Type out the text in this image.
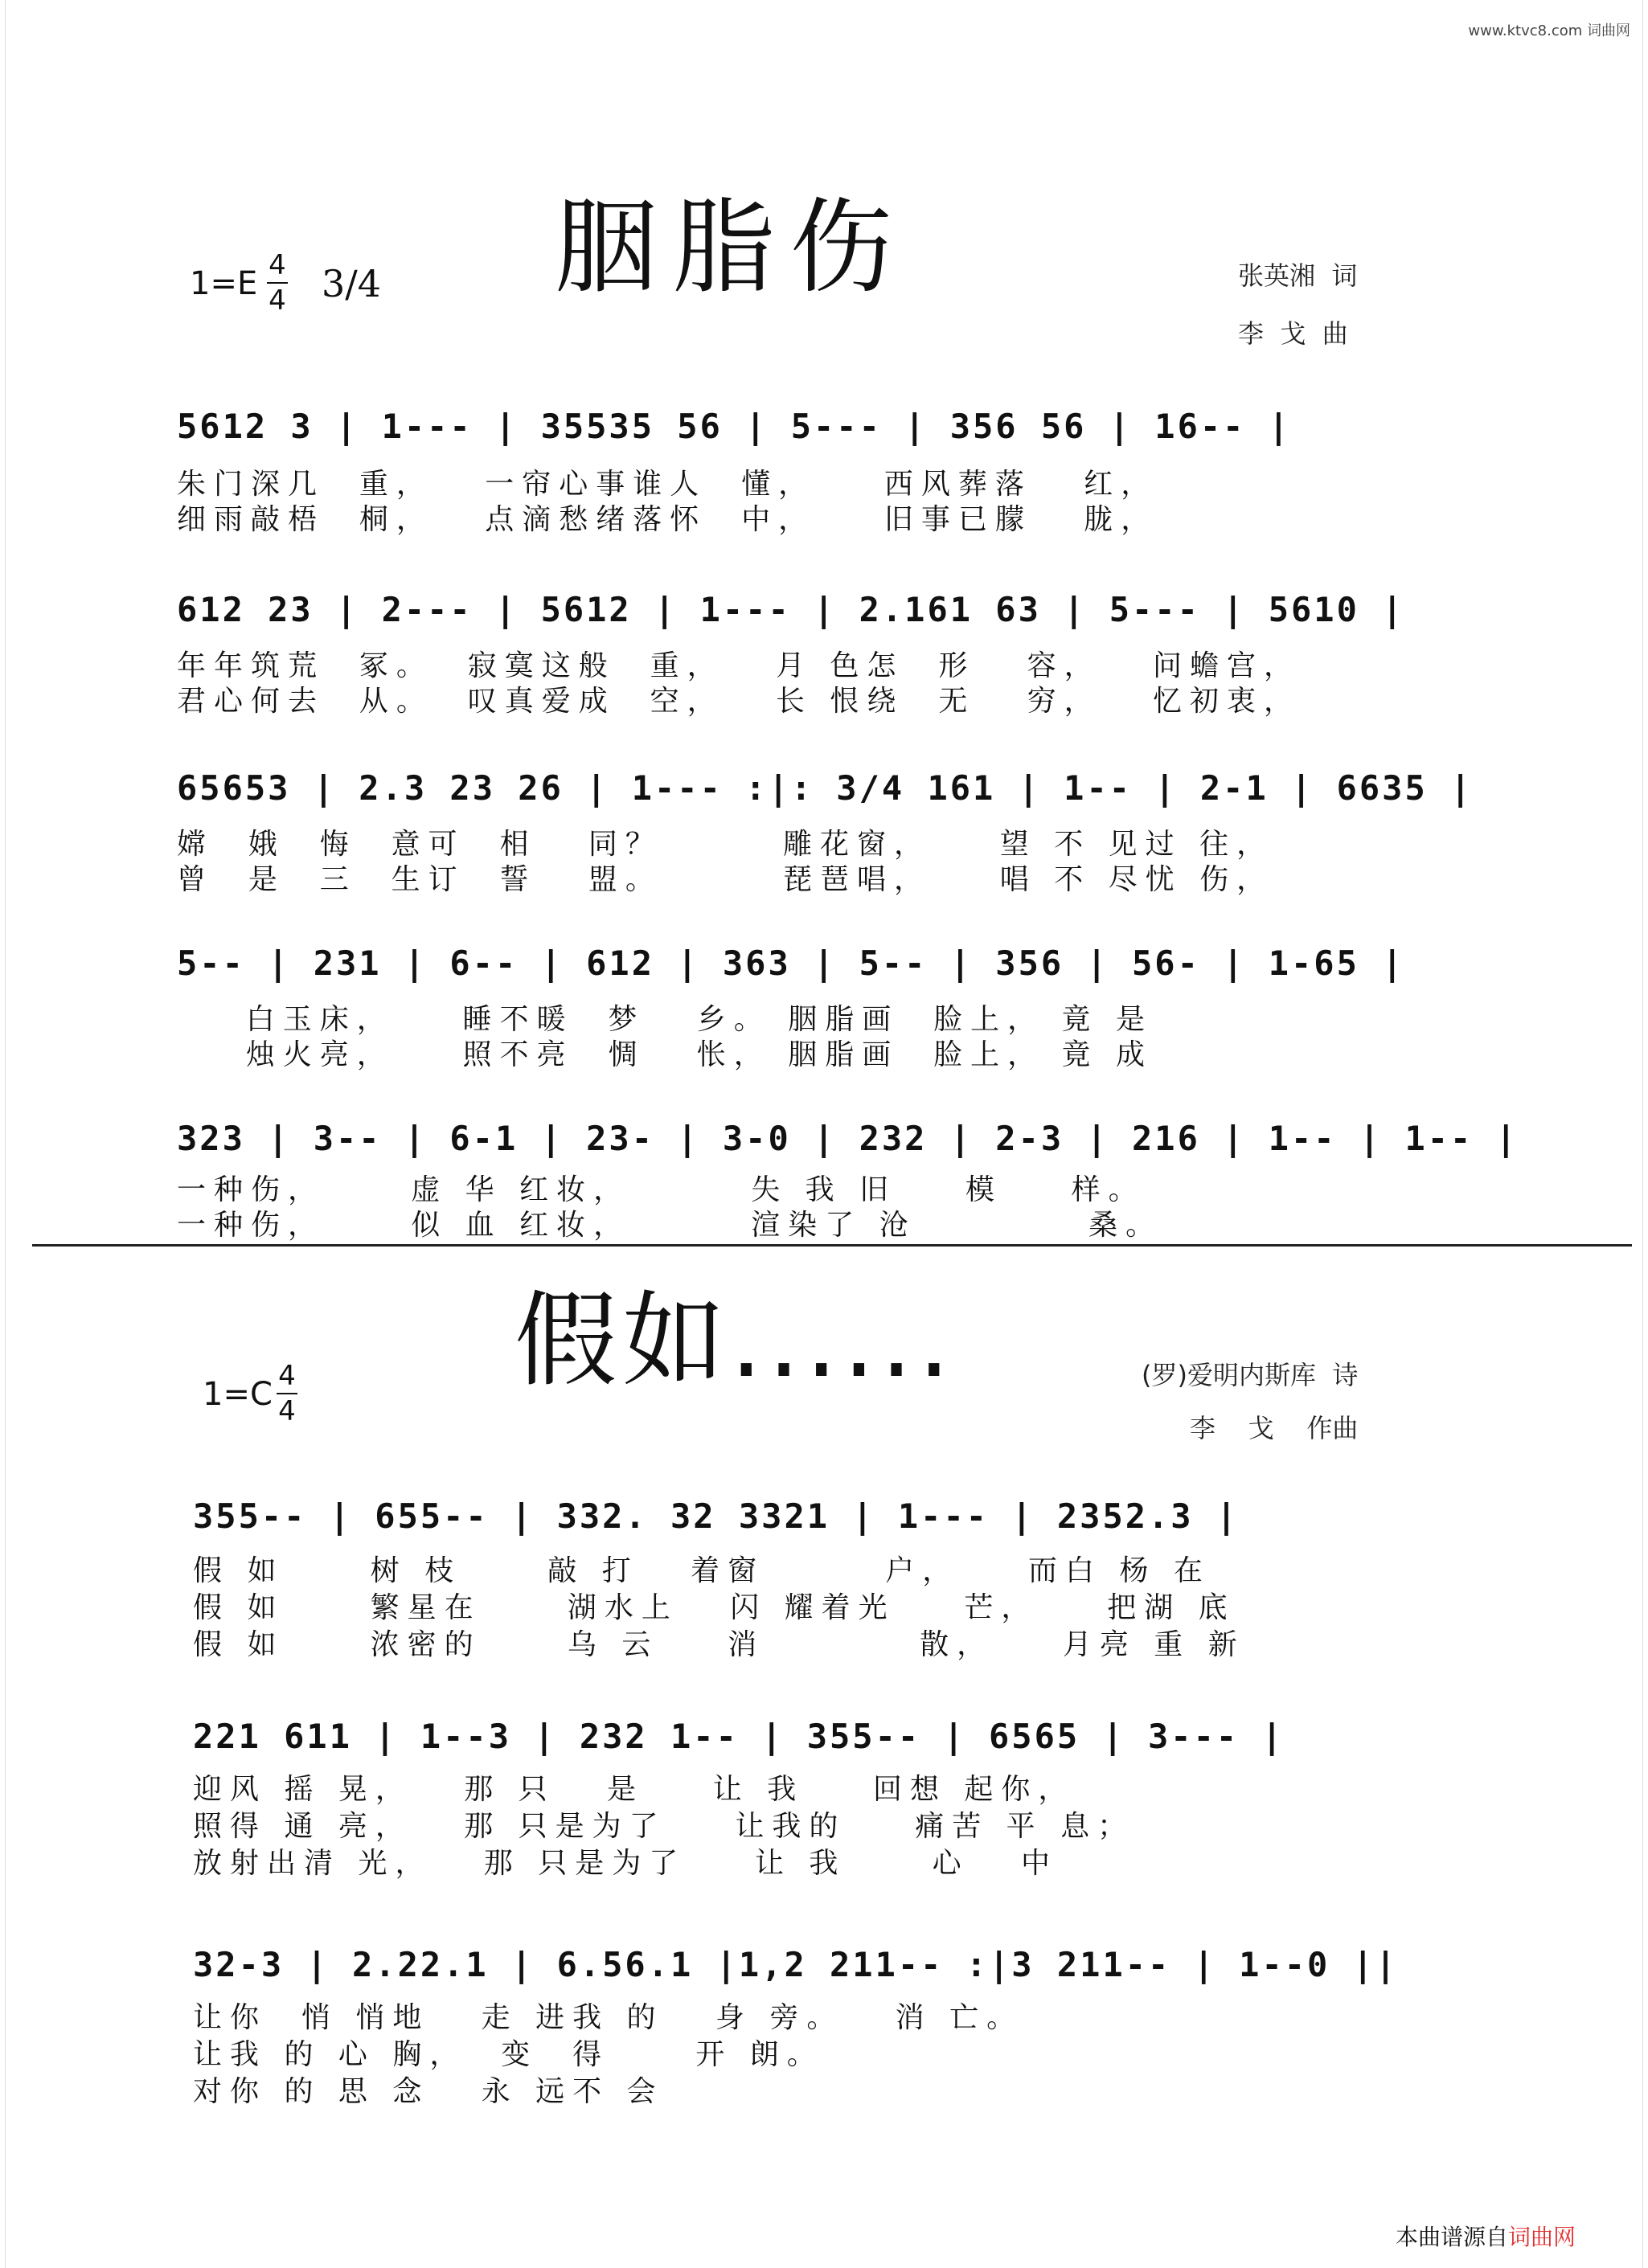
www.ktvc8.com 词曲网
胭脂伤
1=E 4
4 3/4	张英湘  词
李  戈  曲
5612 3 | 1--- | 35535 56 | 5--- | 356 56 | 16-- |
朱门深几  重，   一帘心事谁人  懂，    西风葬落   红，
细雨敲梧  桐，   点滴愁绪落怀  中，    旧事已朦   胧，
612 23 | 2--- | 5612 | 1--- | 2.161 63 | 5--- | 5610 |
年年筑荒  冢。  寂寞这般  重，   月 色怎  形   容，   问蟾宫，
君心何去  从。  叹真爱成  空，   长 恨绕  无   穷，   忆初衷，
65653 | 2.3 23 26 | 1--- :|: 3/4 161 | 1-- | 2-1 | 6635 |
嫦  娥  悔  意可  相   同？       雕花窗，    望 不 见过 往，
曾  是  三  生订  誓   盟。       琵琶唱，    唱 不 尽忧 伤，
5-- | 231 | 6-- | 612 | 363 | 5-- | 356 | 56- | 1-65 |
白玉床，    睡不暖  梦   乡。 胭脂画  脸上， 竟 是
烛火亮，    照不亮  惆   怅， 胭脂画  脸上， 竟 成
323 | 3-- | 6-1 | 23- | 3-0 | 232 | 2-3 | 216 | 1-- | 1-- |
一种伤，     虚 华 红妆，       失 我 旧    模    样。
一种伤，     似 血 红妆，       渲染了 沧          桑。
假如......
1=C 4
4
(罗)爱明内斯库  诗
李    戈    作曲
355-- | 655-- | 332. 32 3321 | 1--- | 2352.3 |
假 如     树 枝     敲 打   着窗       户，    而白 杨 在
假 如     繁星在     湖水上   闪 耀着光    芒，    把湖 底
假 如     浓密的     乌 云    消         散，    月亮 重 新
221 611 | 1--3 | 232 1-- | 355-- | 6565 | 3--- |
迎风 摇 晃，   那 只   是    让 我    回想 起你，
照得 通 亮，   那 只是为了    让我的    痛苦 平 息；
放射出清 光，   那 只是为了    让 我     心   中
32-3 | 2.22.1 | 6.56.1 |1,2 211-- :|3 211-- | 1--0 ||
让你  悄 悄地   走 进我 的   身 旁。   消 亡。
让我 的 心 胸，  变  得     开 朗。
对你 的 思 念   永 远不 会
本曲谱源自词曲网
